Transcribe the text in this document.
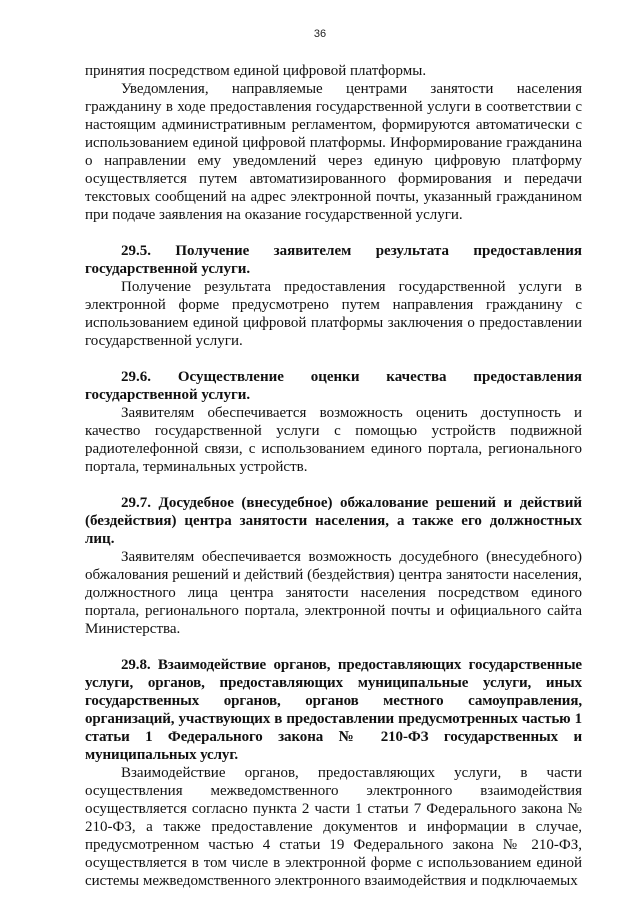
36

принятия посредством единой цифровой платформы.

Уведомления, направляемые центрами занятости населения гражданину в ходе предоставления государственной услуги в соответствии с настоящим административным регламентом, формируются автоматически с использованием единой цифровой платформы. Информирование гражданина о направлении ему уведомлений через единую цифровую платформу осуществляется путем автоматизированного формирования и передачи текстовых сообщений на адрес электронной почты, указанный гражданином при подаче заявления на оказание государственной услуги.

29.5. Получение заявителем результата предоставления государственной услуги.

Получение результата предоставления государственной услуги в электронной форме предусмотрено путем направления гражданину с использованием единой цифровой платформы заключения о предоставлении государственной услуги.

29.6. Осуществление оценки качества предоставления государственной услуги.

Заявителям обеспечивается возможность оценить доступность и качество государственной услуги с помощью устройств подвижной радиотелефонной связи, с использованием единого портала, регионального портала, терминальных устройств.

29.7. Досудебное (внесудебное) обжалование решений и действий (бездействия) центра занятости населения, а также его должностных лиц.

Заявителям обеспечивается возможность досудебного (внесудебного) обжалования решений и действий (бездействия) центра занятости населения, должностного лица центра занятости населения посредством единого портала, регионального портала, электронной почты и официального сайта Министерства.

29.8. Взаимодействие органов, предоставляющих государственные услуги, органов, предоставляющих муниципальные услуги, иных государственных органов, органов местного самоуправления, организаций, участвующих в предоставлении предусмотренных частью 1 статьи 1 Федерального закона № 210-ФЗ государственных и муниципальных услуг.

Взаимодействие органов, предоставляющих услуги, в части осуществления межведомственного электронного взаимодействия осуществляется согласно пункта 2 части 1 статьи 7 Федерального закона № 210-ФЗ, а также предоставление документов и информации в случае, предусмотренном частью 4 статьи 19 Федерального закона № 210-ФЗ, осуществляется в том числе в электронной форме с использованием единой системы межведомственного электронного взаимодействия и подключаемых
